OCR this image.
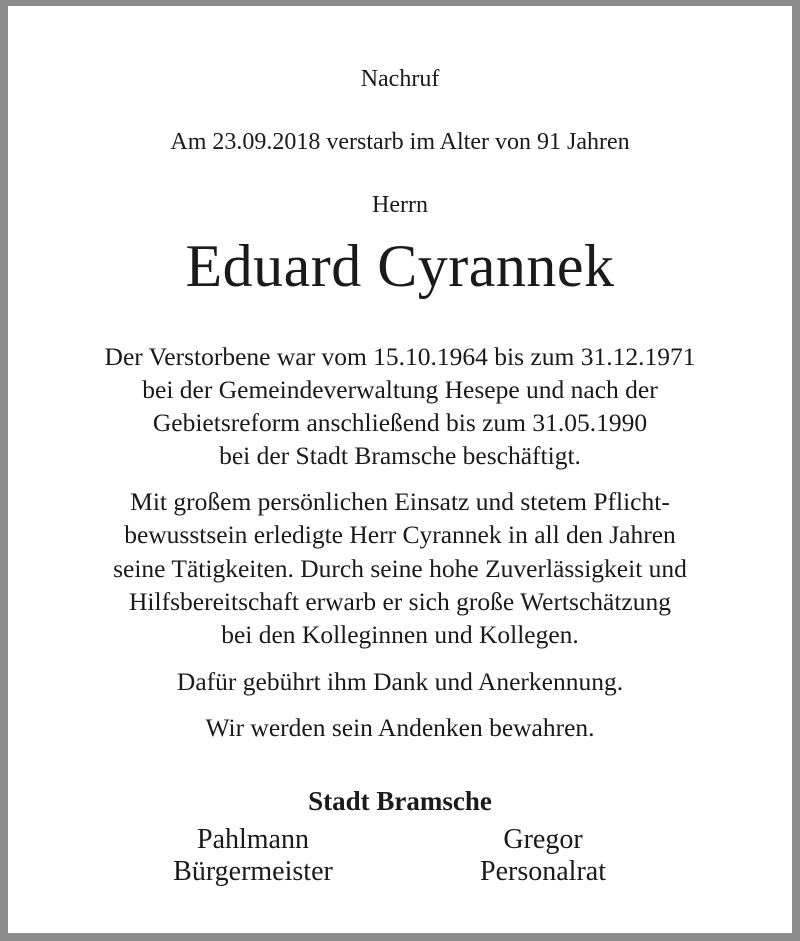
Nachruf
Am 23.09.2018 verstarb im Alter von 91 Jahren
Herrn
Eduard Cyrannek
Der Verstorbene war vom 15.10.1964 bis zum 31.12.1971
bei der Gemeindeverwaltung Hesepe und nach der
Gebietsreform anschließend bis zum 31.05.1990
bei der Stadt Bramsche beschäftigt.
Mit großem persönlichen Einsatz und stetem Pflicht-
bewusstsein erledigte Herr Cyrannek in all den Jahren
seine Tätigkeiten. Durch seine hohe Zuverlässigkeit und
Hilfsbereitschaft erwarb er sich große Wertschätzung
bei den Kolleginnen und Kollegen.
Dafür gebührt ihm Dank und Anerkennung.
Wir werden sein Andenken bewahren.
Stadt Bramsche
Pahlmann
Bürgermeister
Gregor
Personalrat
